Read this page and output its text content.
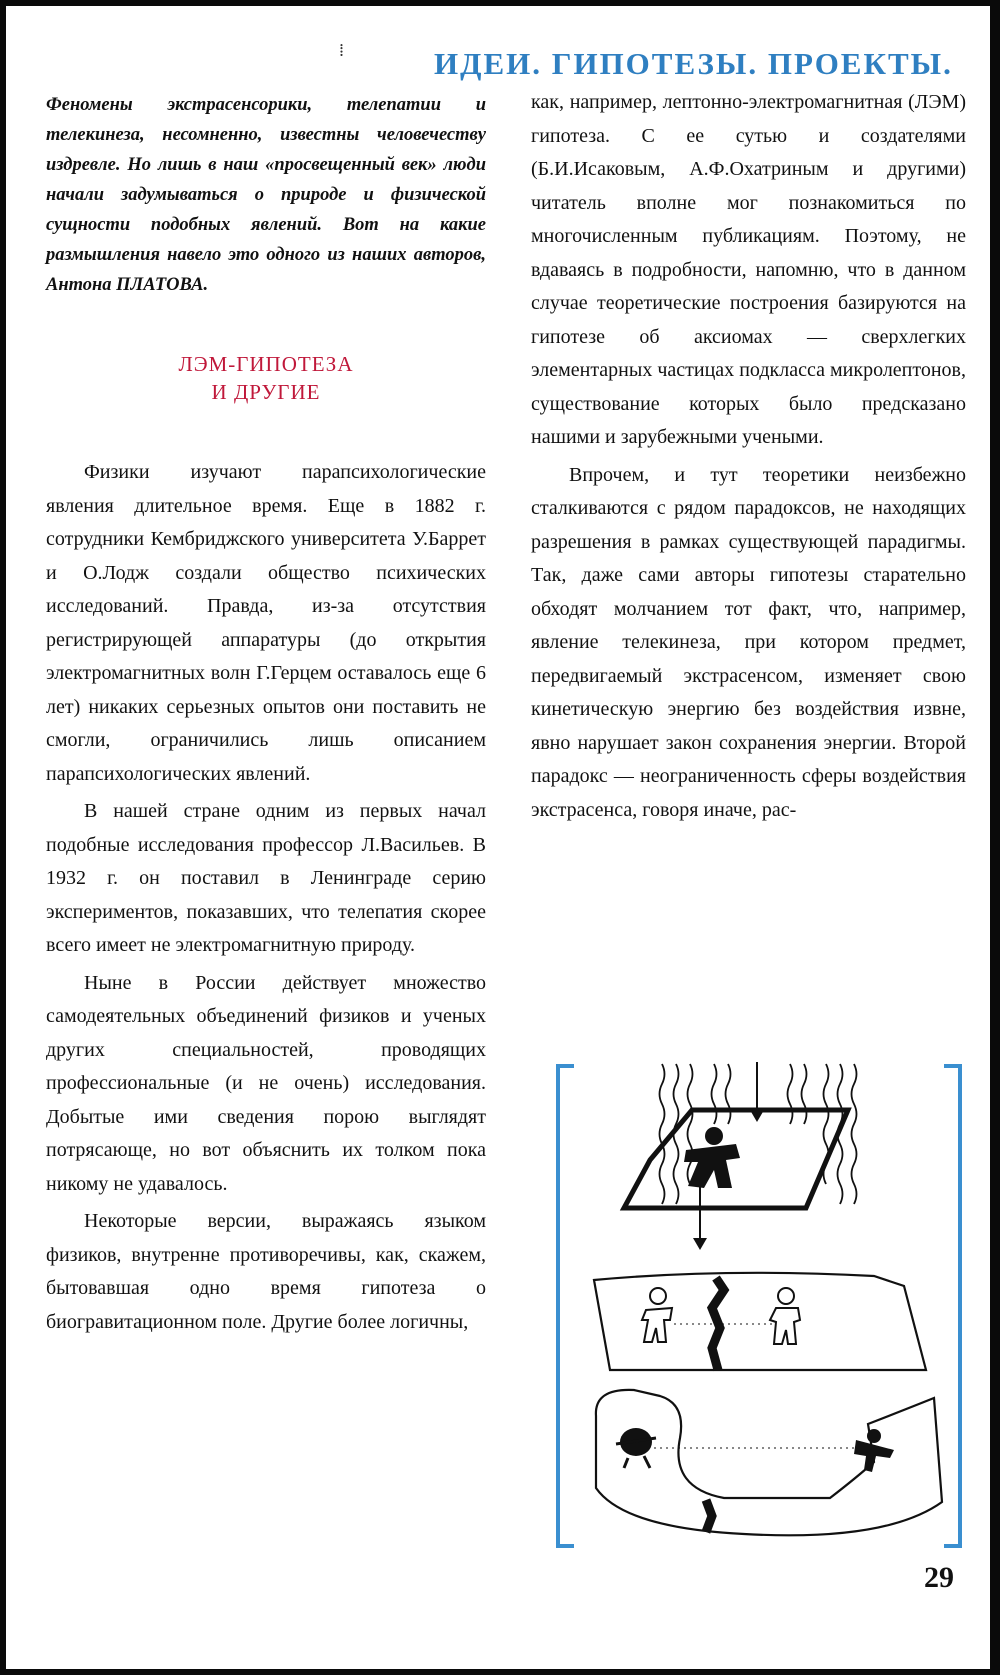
⁞	ИДЕИ. ГИПОТЕЗЫ. ПРОЕКТЫ.

Феномены экстрасенсорики, телепатии и телекинеза, несомненно, известны человечеству издревле. Но лишь в наш «просвещенный век» люди начали задумываться о природе и физической сущности подобных явлений. Вот на какие размышления навело это одного из наших авторов, Антона ПЛАТОВА.

ЛЭМ-ГИПОТЕЗА
И ДРУГИЕ

Физики изучают парапсихологические явления длительное время. Еще в 1882 г. сотрудники Кембриджского университета У.Баррет и О.Лодж создали общество психических исследований. Правда, из-за отсутствия регистрирующей аппаратуры (до открытия электромагнитных волн Г.Герцем оставалось еще 6 лет) никаких серьезных опытов они поставить не смогли, ограничились лишь описанием парапсихологических явлений.

В нашей стране одним из первых начал подобные исследования профессор Л.Васильев. В 1932 г. он поставил в Ленинграде серию экспериментов, показавших, что телепатия скорее всего имеет не электромагнитную природу.

Ныне в России действует множество самодеятельных объединений физиков и ученых других специальностей, проводящих профессиональные (и не очень) исследования. Добытые ими сведения порою выглядят потрясающе, но вот объяснить их толком пока никому не удавалось.

Некоторые версии, выражаясь языком физиков, внутренне противоречивы, как, скажем, бытовавшая одно время гипотеза о биогравитационном поле. Другие более логичны,

как, например, лептонно-электромагнитная (ЛЭМ) гипотеза. С ее сутью и создателями (Б.И.Исаковым, А.Ф.Охатриным и другими) читатель вполне мог познакомиться по многочисленным публикациям. Поэтому, не вдаваясь в подробности, напомню, что в данном случае теоретические построения базируются на гипотезе об аксиомах — сверхлегких элементарных частицах подкласса микролептонов, существование которых было предсказано нашими и зарубежными учеными.

Впрочем, и тут теоретики неизбежно сталкиваются с рядом парадоксов, не находящих разрешения в рамках существующей парадигмы. Так, даже сами авторы гипотезы старательно обходят молчанием тот факт, что, например, явление телекинеза, при котором предмет, передвигаемый экстрасенсом, изменяет свою кинетическую энергию без воздействия извне, явно нарушает закон сохранения энергии. Второй парадокс — неограниченность сферы воздействия экстрасенса, говоря иначе, рас-

29
